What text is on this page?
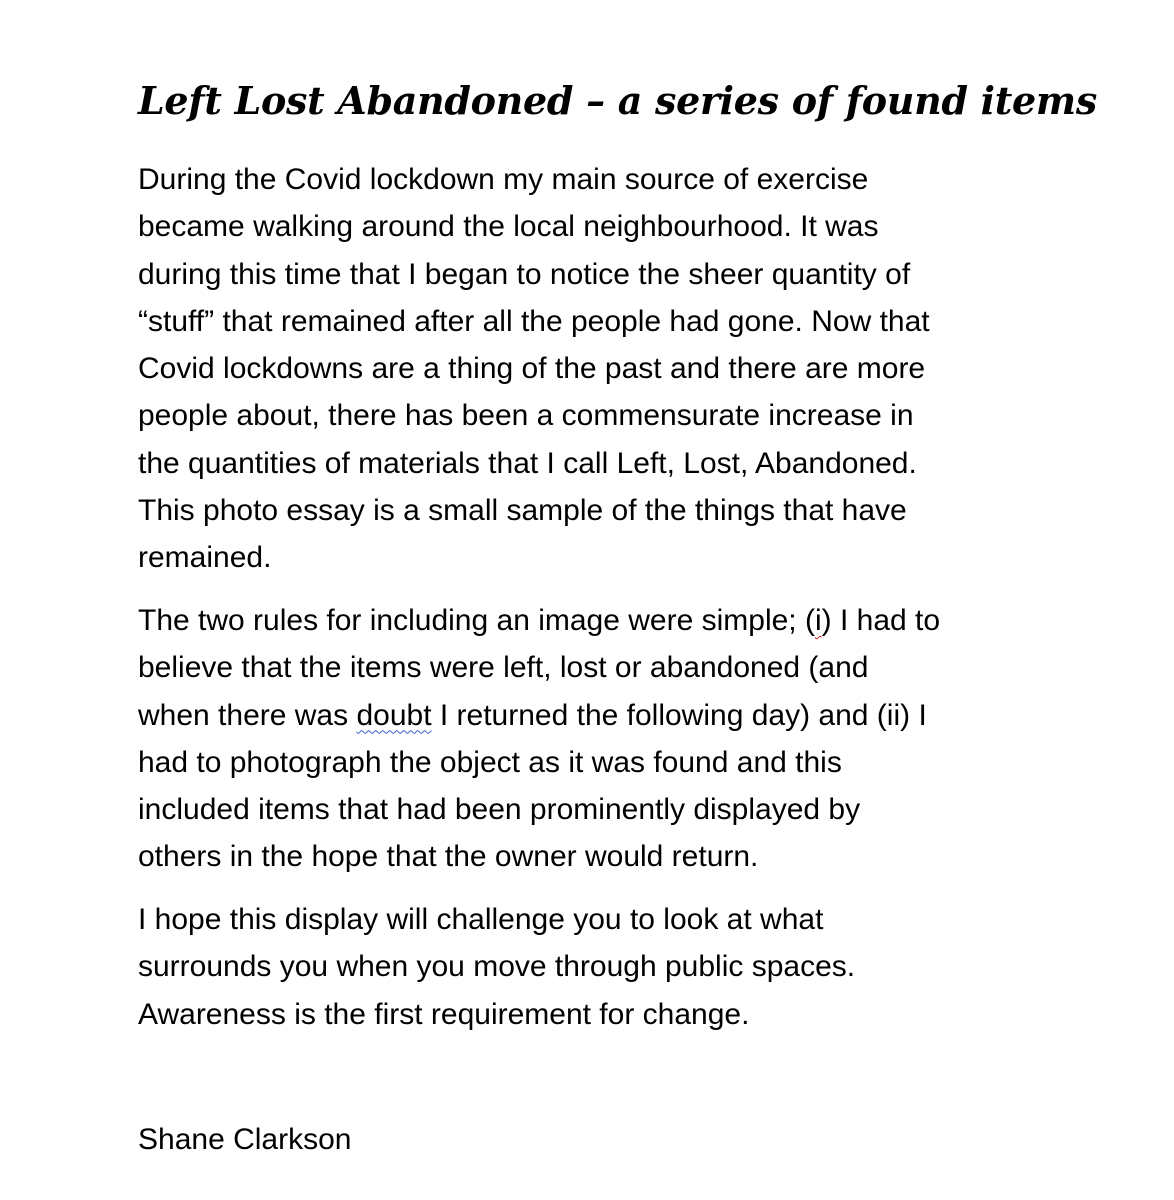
Left Lost Abandoned – a series of found items

During the Covid lockdown my main source of exercise
became walking around the local neighbourhood. It was
during this time that I began to notice the sheer quantity of
“stuff” that remained after all the people had gone. Now that
Covid lockdowns are a thing of the past and there are more
people about, there has been a commensurate increase in
the quantities of materials that I call Left, Lost, Abandoned.
This photo essay is a small sample of the things that have
remained.

The two rules for including an image were simple; (i) I had to
believe that the items were left, lost or abandoned (and
when there was doubt I returned the following day) and (ii) I
had to photograph the object as it was found and this
included items that had been prominently displayed by
others in the hope that the owner would return.

I hope this display will challenge you to look at what
surrounds you when you move through public spaces.
Awareness is the first requirement for change.

Shane Clarkson
